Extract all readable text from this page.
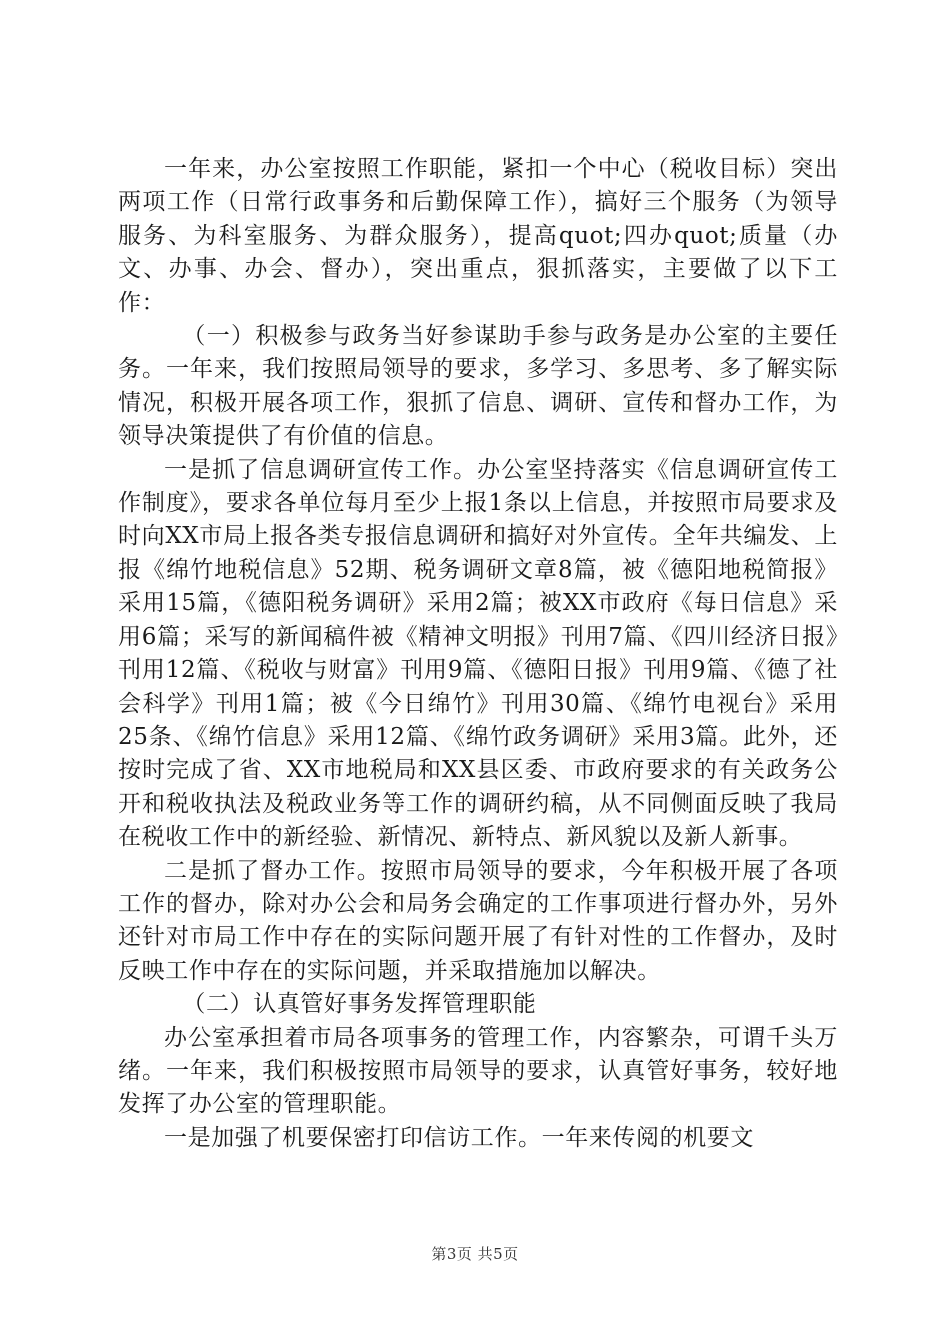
一年来，办公室按照工作职能，紧扣一个中心（税收目标）突出两项工作（日常行政事务和后勤保障工作），搞好三个服务（为领导服务、为科室服务、为群众服务），提高quot;四办quot;质量（办文、办事、办会、督办），突出重点，狠抓落实，主要做了以下工作：

（一）积极参与政务当好参谋助手参与政务是办公室的主要任务。一年来，我们按照局领导的要求，多学习、多思考、多了解实际情况，积极开展各项工作，狠抓了信息、调研、宣传和督办工作，为领导决策提供了有价值的信息。

一是抓了信息调研宣传工作。办公室坚持落实《信息调研宣传工作制度》，要求各单位每月至少上报1条以上信息，并按照市局要求及时向XX市局上报各类专报信息调研和搞好对外宣传。全年共编发、上报《绵竹地税信息》52期、税务调研文章8篇，被《德阳地税简报》采用15篇，《德阳税务调研》采用2篇；被XX市政府《每日信息》采用6篇；采写的新闻稿件被《精神文明报》刊用7篇、《四川经济日报》刊用12篇、《税收与财富》刊用9篇、《德阳日报》刊用9篇、《德了社会科学》刊用1篇；被《今日绵竹》刊用30篇、《绵竹电视台》采用25条、《绵竹信息》采用12篇、《绵竹政务调研》采用3篇。此外，还按时完成了省、XX市地税局和XX县区委、市政府要求的有关政务公开和税收执法及税政业务等工作的调研约稿，从不同侧面反映了我局在税收工作中的新经验、新情况、新特点、新风貌以及新人新事。

二是抓了督办工作。按照市局领导的要求，今年积极开展了各项工作的督办，除对办公会和局务会确定的工作事项进行督办外，另外还针对市局工作中存在的实际问题开展了有针对性的工作督办，及时反映工作中存在的实际问题，并采取措施加以解决。

（二）认真管好事务发挥管理职能

办公室承担着市局各项事务的管理工作，内容繁杂，可谓千头万绪。一年来，我们积极按照市局领导的要求，认真管好事务，较好地发挥了办公室的管理职能。

一是加强了机要保密打印信访工作。一年来传阅的机要文

第3页 共5页
